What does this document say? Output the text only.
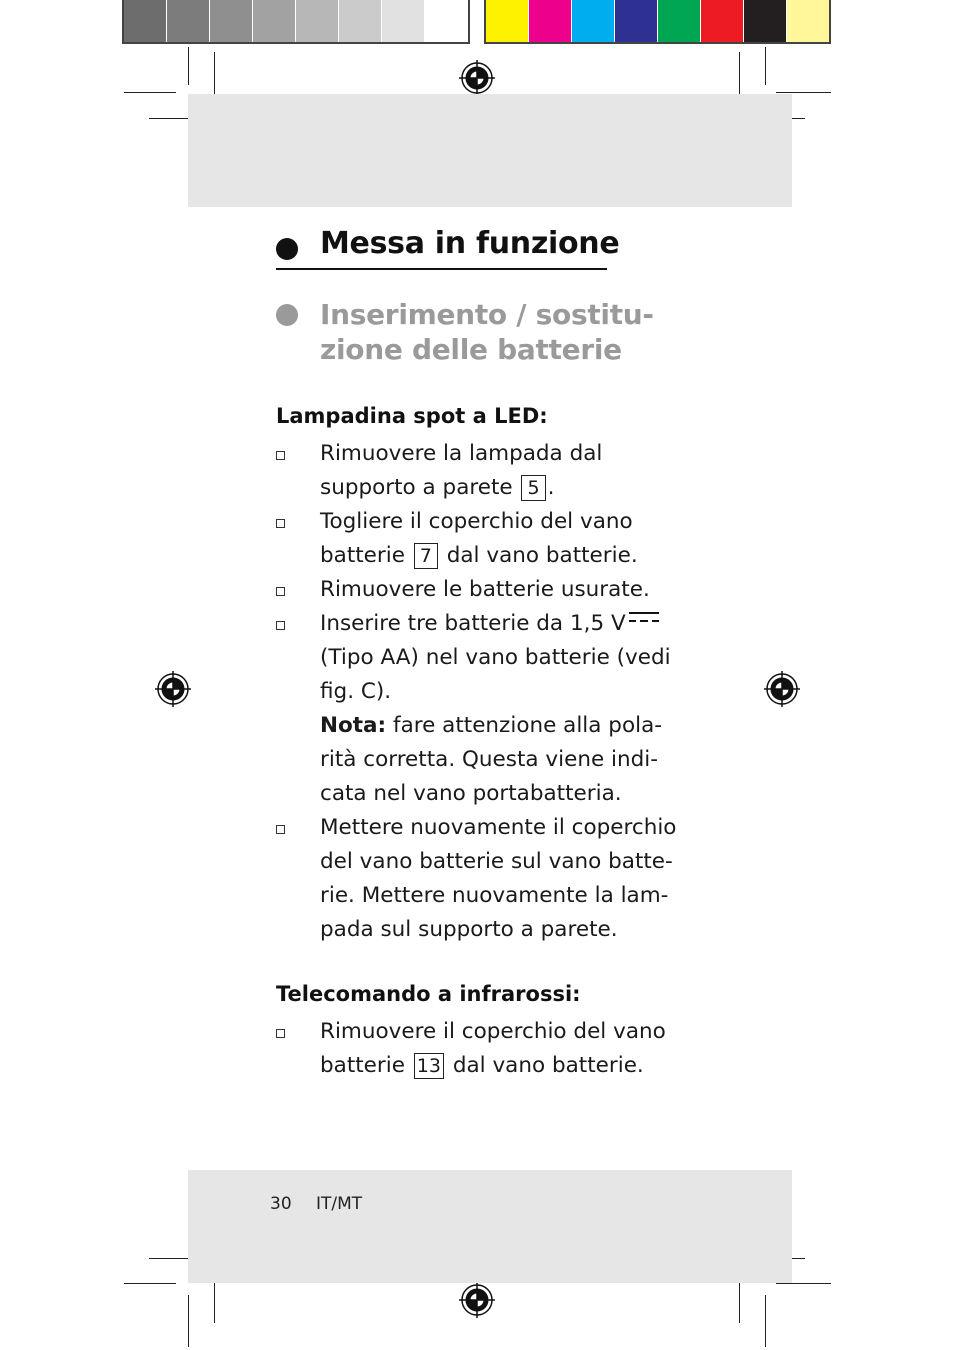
Messa in funzione
Inserimento / sostitu-
zione delle batterie
Lampadina spot a LED:
Rimuovere la lampada dal
supporto a parete 5 .
Togliere il coperchio del vano
batterie 7 dal vano batterie.
Rimuovere le batterie usurate.
Inserire tre batterie da 1,5 V
(Tipo AA) nel vano batterie (vedi
fig. C).
Nota: fare attenzione alla pola-
rità corretta. Questa viene indi-
cata nel vano portabatteria.
Mettere nuovamente il coperchio
del vano batterie sul vano batte-
rie. Mettere nuovamente la lam-
pada sul supporto a parete.
Telecomando a infrarossi:
Rimuovere il coperchio del vano
batterie 13 dal vano batterie.
30 IT/MT
